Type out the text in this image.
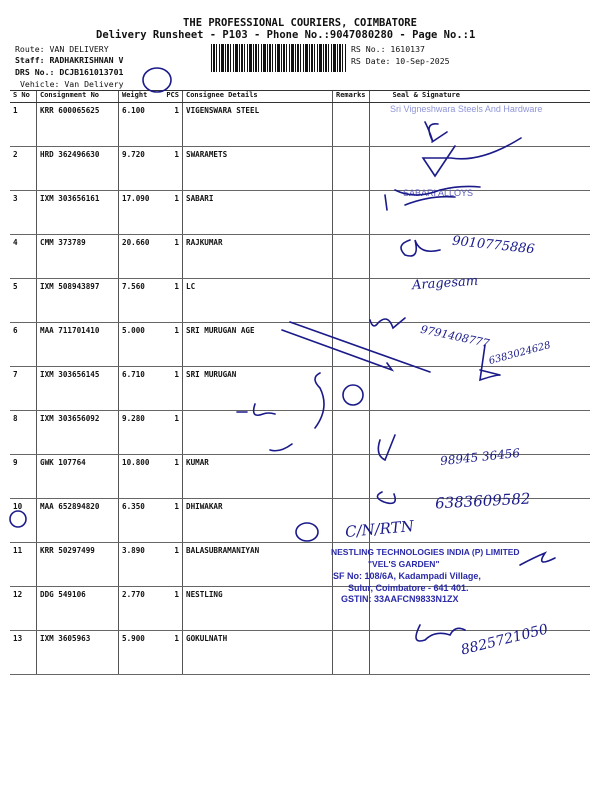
THE PROFESSIONAL COURIERS, COIMBATORE
Delivery Runsheet - P103 - Phone No.:9047080280 - Page No.:1
Route: VAN DELIVERY
Staff: RADHAKRISHNAN V
DRS No.: DCJB161013701
Vehicle: Van Delivery
RS No.: 1610137
RS Date: 10-Sep-2025
S No	Consignment No	Weight PCS	Consignee Details	Remarks	Seal & Signature
1	KRR 600065625	6.100 1	VIGENSWARA STEEL		
2	HRD 362496630	9.720 1	SWARAMETS		
3	IXM 303656161	17.090 1	SABARI		
4	CMM 373789	20.660 1	RAJKUMAR		
5	IXM 508943897	7.560 1	LC		
6	MAA 711701410	5.000 1	SRI MURUGAN AGE		
7	IXM 303656145	6.710 1	SRI MURUGAN		
8	IXM 303656092	9.280 1			

9	GWK 107764	10.800 1	KUMAR		
10	MAA 652894820	6.350 1	DHIWAKAR		
11	KRR 50297499	3.890 1	BALASUBRAMANIYAN		
12	DDG 549106	2.770 1	NESTLING		
13	IXM 3605963	5.900 1	GOKULNATH		
Sri Vigneshwara Steels And Hardware
SABARI ALLOYS
NESTLING TECHNOLOGIES INDIA (P) LIMITED
"VEL'S GARDEN"
SF No: 108/6A, Kadampadi Village,
Sulur, Coimbatore - 641 401.
GSTIN: 33AAFCN9833N1ZX
9010775886
Aragesam
9791408777
6383024628
98945 36456
6383609582
C/N/RTN
8825721050
